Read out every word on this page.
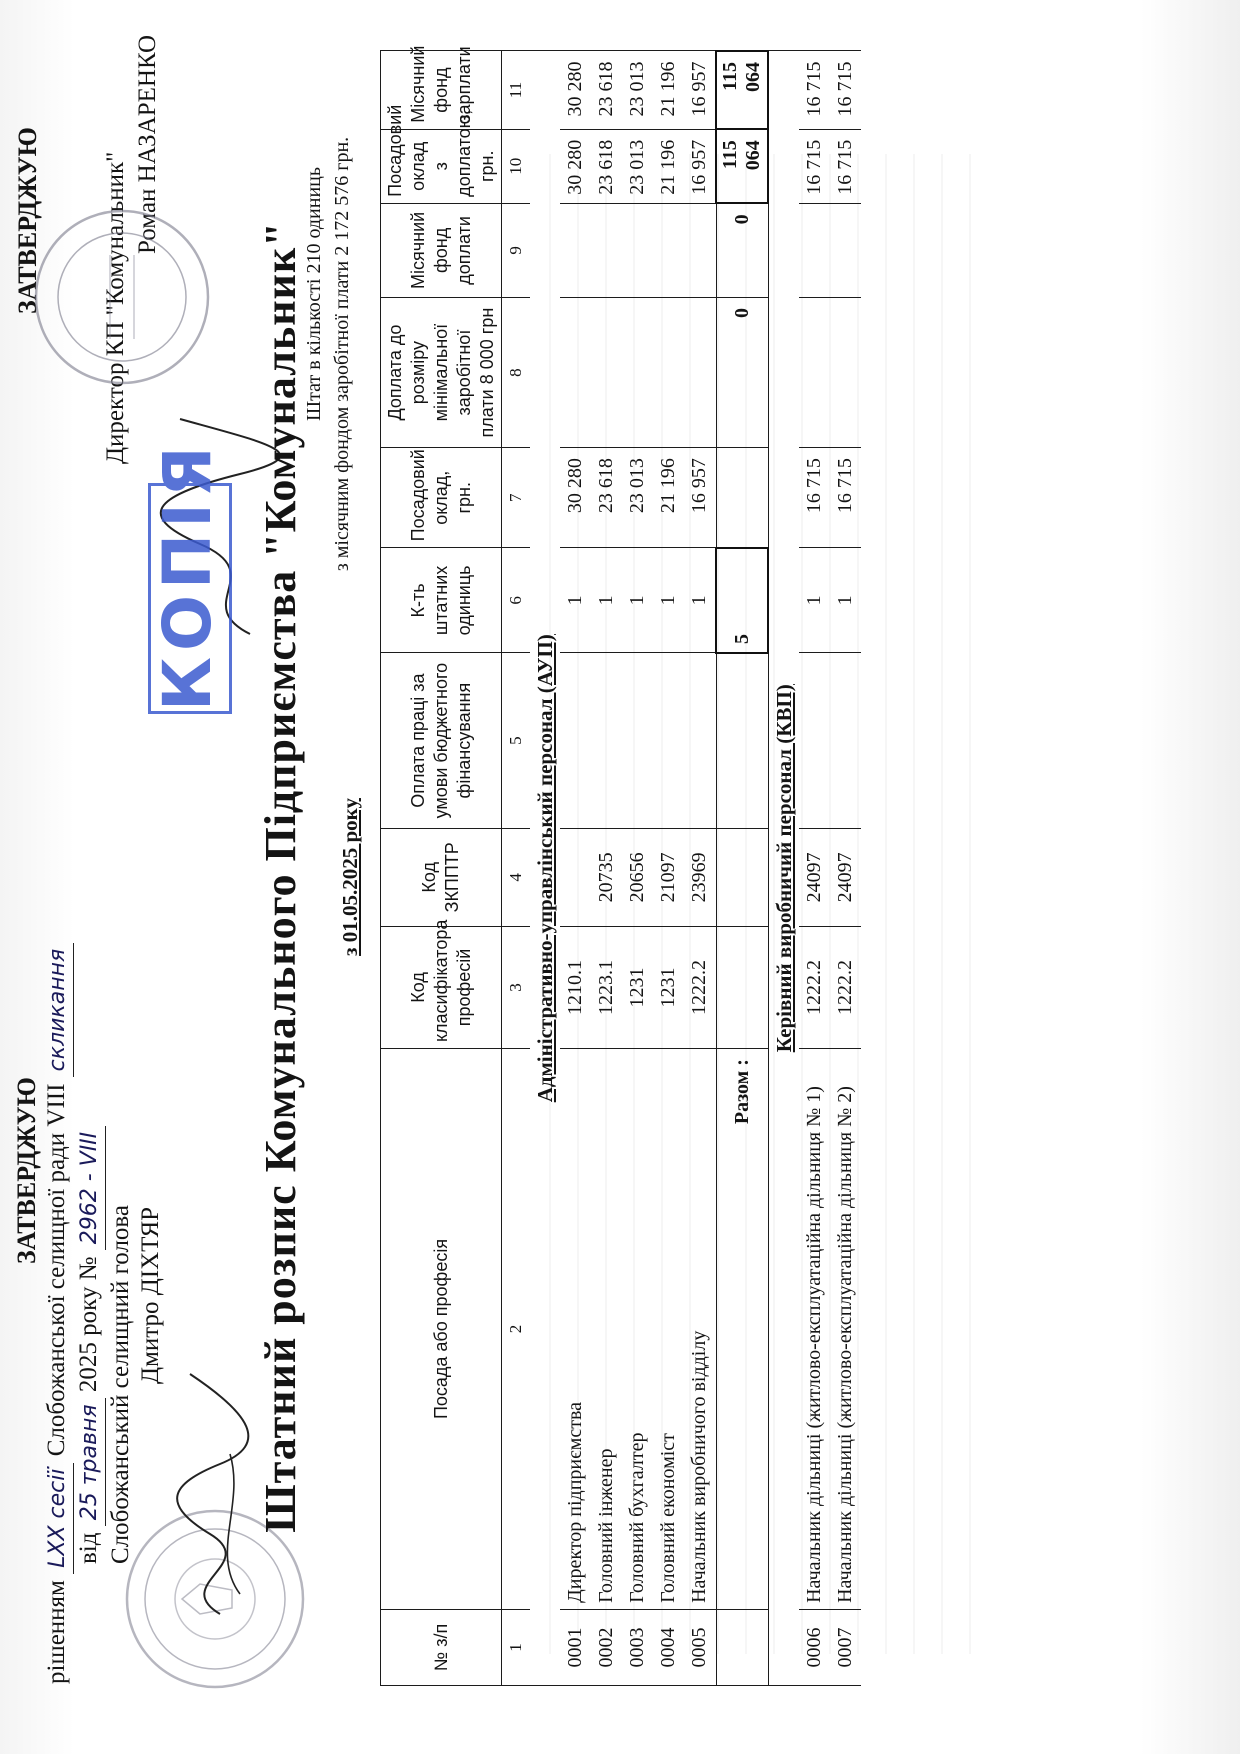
ЗАТВЕРДЖУЮ
рішенням LXX сесії Слобожанської селищної ради VIII скликання
від 25 травня 2025 року № 2962 - VIII
Слобожанський селищний голова Дмитро ДІХТЯР
ЗАТВЕРДЖУЮ Директор КП "Комунальник"
Роман НАЗАРЕНКО
КОПІЯ Штатний розпис Комунального Підприємства "Комунальник" з 01.05.2025 року
Штат в кількості 210 одиниць з місячним фондом заробітної плати 2 172 576 грн.
№ з/п	Посада або професія	Код класифікатора професій	Код ЗКППТР	Оплата праці за умови бюджетного фінансування	К-ть штатних одиниць	Посадовий оклад, грн.	Доплата до розміру мінімальної заробітної плати 8 000 грн	Місячний фонд доплати	Посадовий оклад з доплатою, грн.	Місячний фонд зарплати
1	2	3	4	5	6	7	8	9	10	11
Адміністративно-управлінський персонал (АУП)										
0001	Директор підприємства	1210.1			1	30 280			30 280	30 280
0002	Головний інженер	1223.1	20735		1	23 618			23 618	23 618
0003	Головний бухгалтер	1231	20656		1	23 013			23 013	23 013
0004	Головний економіст	1231	21097		1	21 196			21 196	21 196
0005	Начальник виробничого відділу	1222.2	23969		1	16 957			16 957	16 957
	Разом :				5		0	0	115 064	115 064
Керівний виробничий персонал (КВП)										
0006	Начальник дільниці (житлово-експлуатаційна дільниця № 1)	1222.2	24097		1	16 715			16 715	16 715
0007	Начальник дільниці (житлово-експлуатаційна дільниця № 2)	1222.2	24097		1	16 715			16 715	16 715
